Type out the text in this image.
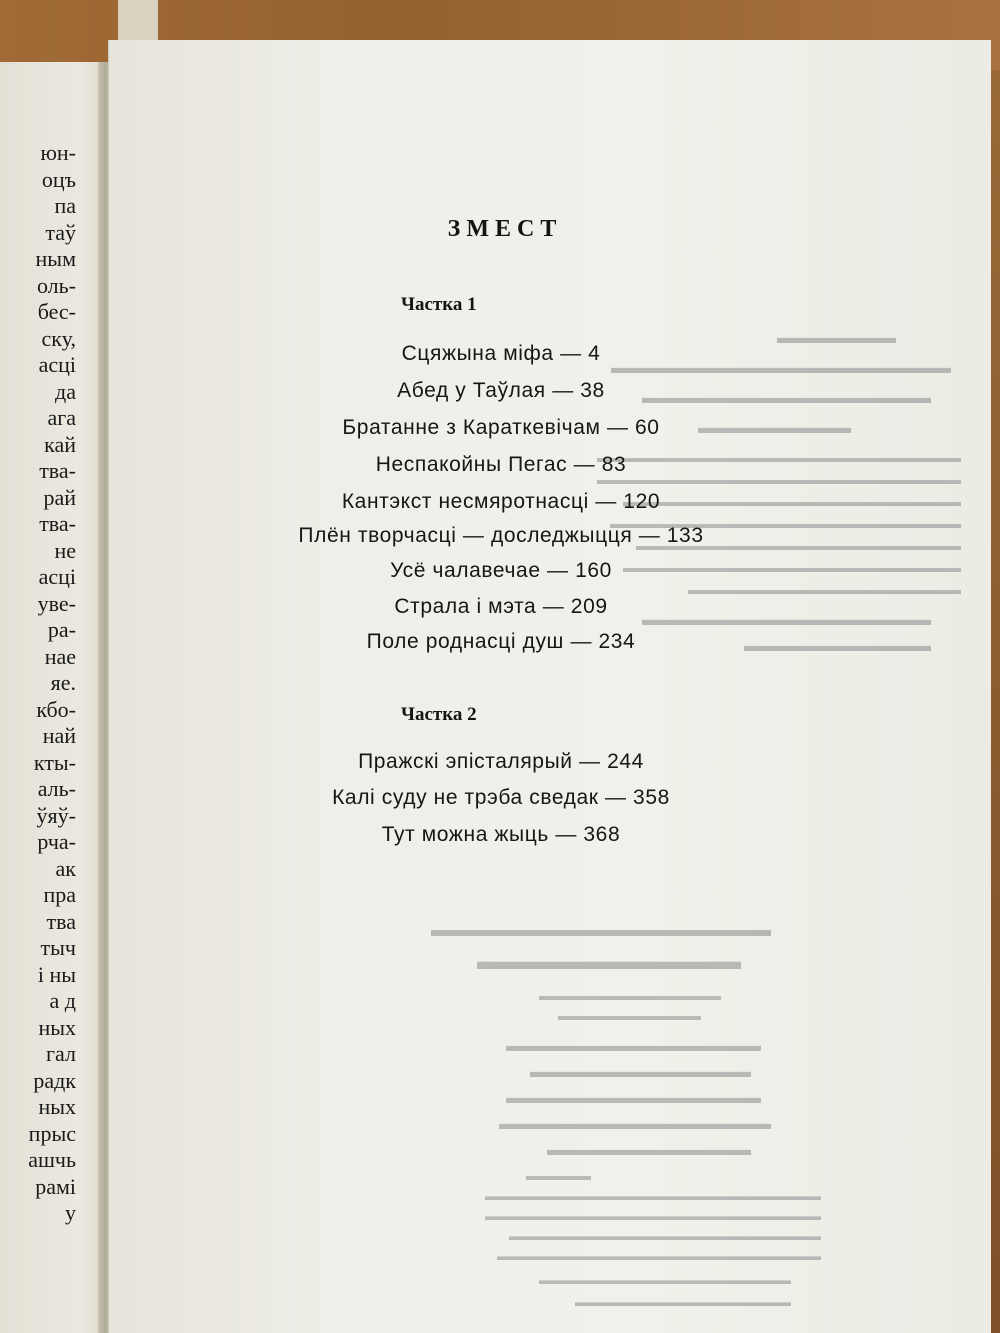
юн-
оцъ
па
таў
ным
оль-
бес-
ску,
асці
да
ага
кай
тва-
рай
тва-
не
асці
уве-
ра-
нае
яе.
кбо-
най
кты-
аль-
ўяў-
рча-
ак
пра
тва
тыч
і ны
а д
ных
гал
радк
ных
прыс
ашчь
рамі
у
▬▬▬▬▬▬▬
▬▬▬▬▬▬▬▬▬▬▬▬▬▬▬▬▬▬▬▬
▬▬▬▬▬▬▬▬▬▬▬▬▬▬▬▬▬
▬▬▬▬▬▬▬▬▬
▬▬▬▬▬▬▬▬▬▬▬▬▬▬▬▬▬▬▬▬▬▬▬▬▬▬▬▬
▬▬▬▬▬▬▬▬▬▬▬▬▬▬▬▬▬▬▬▬▬▬▬▬▬▬▬▬
▬▬▬▬▬▬▬▬▬▬▬▬▬▬▬▬▬▬▬▬▬▬▬▬▬▬
▬▬▬▬▬▬▬▬▬▬▬▬▬▬▬▬▬▬▬▬▬▬▬▬▬▬▬
▬▬▬▬▬▬▬▬▬▬▬▬▬▬▬▬▬▬▬▬▬▬▬▬▬
▬▬▬▬▬▬▬▬▬▬▬▬▬▬▬▬▬▬▬▬▬▬▬▬▬▬
▬▬▬▬▬▬▬▬▬▬▬▬▬▬▬▬▬▬▬▬▬
▬▬▬▬▬▬▬▬▬▬▬▬▬▬▬▬▬
▬▬▬▬▬▬▬▬▬▬▬
▬▬▬▬▬▬▬▬▬▬▬▬▬▬▬▬▬
▬▬▬▬▬▬▬▬▬▬▬
▬▬▬▬▬▬▬▬▬▬▬▬▬▬
▬▬▬▬▬▬▬▬▬▬▬
▬▬▬▬▬▬▬▬▬▬▬▬▬▬▬
▬▬▬▬▬▬▬▬▬▬▬▬▬
▬▬▬▬▬▬▬▬▬▬▬▬▬▬▬
▬▬▬▬▬▬▬▬▬▬▬▬▬▬▬▬
▬▬▬▬▬▬▬▬▬▬▬▬
▬▬▬▬▬
▬▬▬▬▬▬▬▬▬▬▬▬▬▬▬▬▬▬▬▬▬▬▬▬▬▬▬▬
▬▬▬▬▬▬▬▬▬▬▬▬▬▬▬▬▬▬▬▬▬▬▬▬▬▬▬▬
▬▬▬▬▬▬▬▬▬▬▬▬▬▬▬▬▬▬▬▬▬▬▬▬▬▬
▬▬▬▬▬▬▬▬▬▬▬▬▬▬▬▬▬▬▬▬▬▬▬▬▬▬▬
▬▬▬▬▬▬▬▬▬▬▬▬▬▬▬▬▬▬▬▬▬
▬▬▬▬▬▬▬▬▬▬▬▬▬▬▬▬▬▬
ЗМЕСТ
Частка 1
Сцяжына міфа — 4
Абед у Таўлая — 38
Братанне з Караткевічам — 60
Неспакойны Пегас — 83
Кантэкст несмяротнасці — 120
Плён творчасці — доследжыцця — 133
Усё чалавечае — 160
Страла і мэта — 209
Поле роднасці душ — 234
Частка 2
Пражскі эпісталярый — 244
Калі суду не трэба сведак — 358
Тут можна жыць — 368
